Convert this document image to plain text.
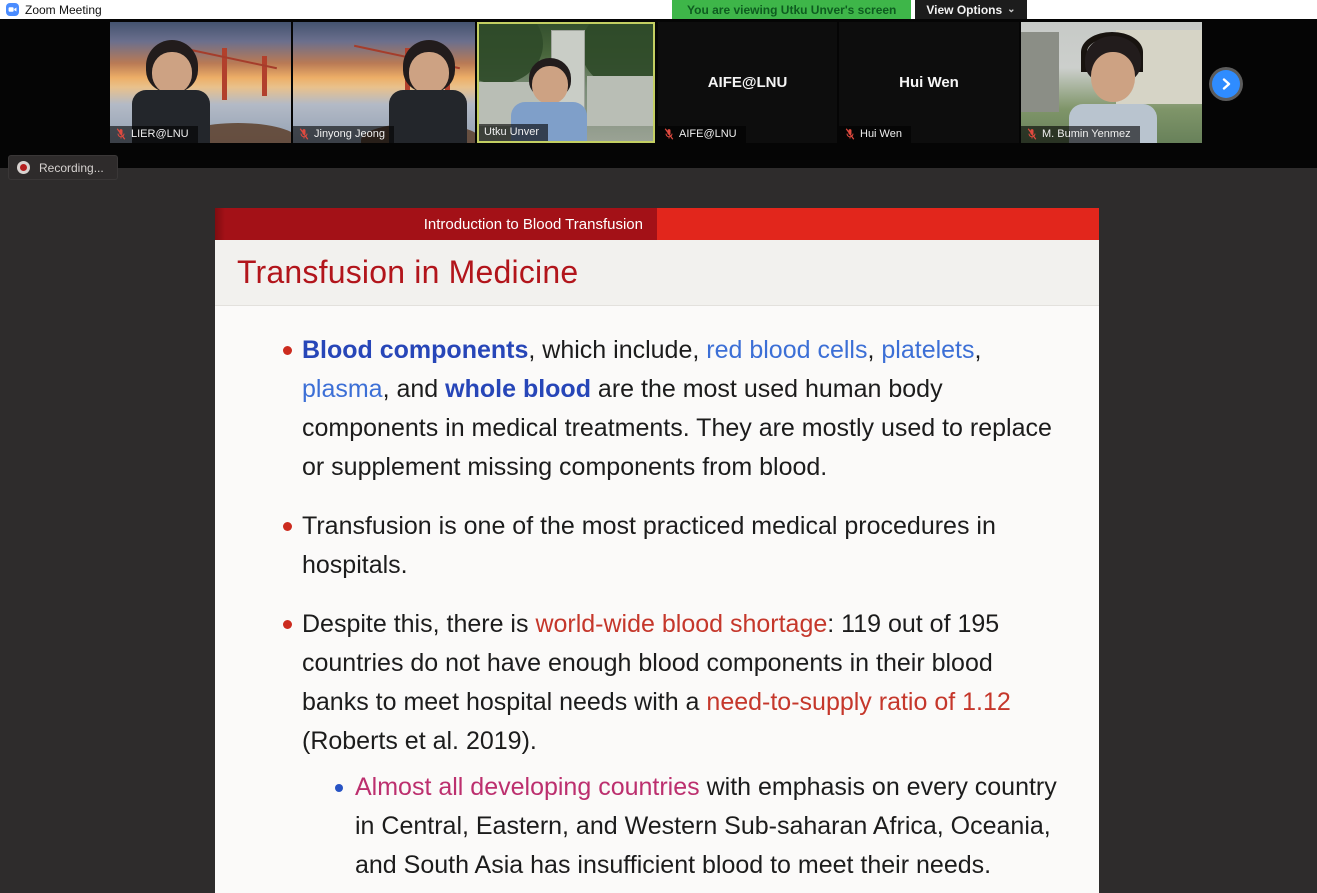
Zoom Meeting	You are viewing Utku Unver's screen	View Options ⌄
LIER@LNU	Jinyong Jeong	Utku Unver
AIFE@LNU
AIFE@LNU
Hui Wen
Hui Wen	M. Bumin Yenmez
Recording...
Introduction to Blood Transfusion
Transfusion in Medicine
Blood components, which include, red blood cells, platelets,
plasma, and whole blood are the most used human body
components in medical treatments. They are mostly used to replace
or supplement missing components from blood.
Transfusion is one of the most practiced medical procedures in
hospitals.
Despite this, there is world-wide blood shortage: 119 out of 195
countries do not have enough blood components in their blood
banks to meet hospital needs with a need-to-supply ratio of 1.12
(Roberts et al. 2019).
Almost all developing countries with emphasis on every country
in Central, Eastern, and Western Sub-saharan Africa, Oceania,
and South Asia has insufficient blood to meet their needs.
